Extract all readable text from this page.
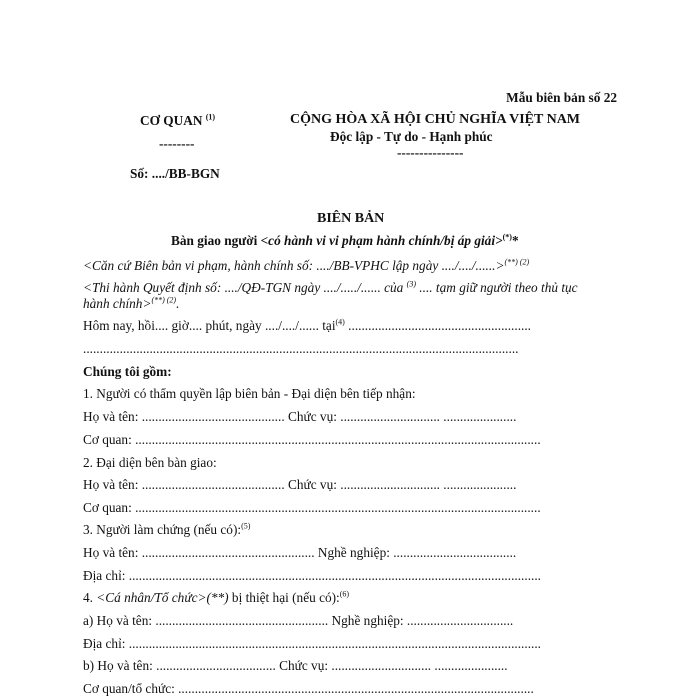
Mẫu biên bản số 22
CƠ QUAN $^{(1)}$
--------
Số: ..../BB-BGN
CỘNG HÒA XÃ HỘI CHỦ NGHĨA VIỆT NAM
Độc lập - Tự do - Hạnh phúc
---------------
BIÊN BẢN
Bàn giao người <có hành vi vi phạm hành chính/bị áp giải>(*)*
<Căn cứ Biên bản vi phạm, hành chính số: ..../BB-VPHC lập ngày ..../..../......>$^{(**) (2)}$
<Thi hành Quyết định số: ..../QĐ-TGN ngày ..../...../...... của $^{(3)}$ .... tạm giữ người theo thủ tục
hành chính>$^{(**) (2)}$.
Hôm nay, hồi.... giờ.... phút, ngày ..../..../...... tại$^{(4)}$ .......................................................
...................................................................................................................................
Chúng tôi gồm:
1. Người có thẩm quyền lập biên bản - Đại diện bên tiếp nhận:
Họ và tên: ........................................... Chức vụ: .............................. ......................
Cơ quan: ..........................................................................................................................
2. Đại diện bên bàn giao:
Họ và tên: ........................................... Chức vụ: .............................. ......................
Cơ quan: ..........................................................................................................................
3. Người làm chứng (nếu có):$^{(5)}$
Họ và tên: .................................................... Nghề nghiệp: .....................................
Địa chỉ: ............................................................................................................................
4. <Cá nhân/Tổ chức>(**) bị thiệt hại (nếu có):$^{(6)}$
a) Họ và tên: .................................................... Nghề nghiệp: ................................
Địa chỉ: ............................................................................................................................
b) Họ và tên: .................................... Chức vụ: .............................. ......................
Cơ quan/tổ chức: ...........................................................................................................
